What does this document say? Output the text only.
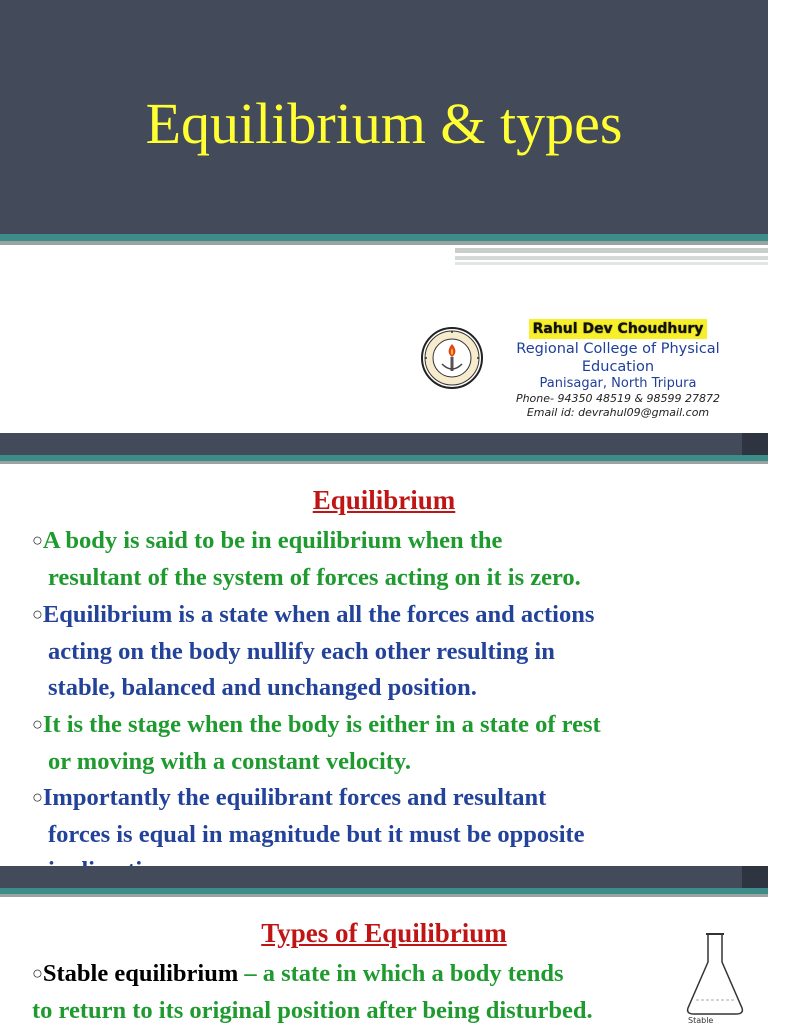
Equilibrium & types
Rahul Dev Choudhury
Regional College of Physical Education
Panisagar, North Tripura
Phone- 94350 48519 & 98599 27872
Email id: devrahul09@gmail.com
Equilibrium
○A body is said to be in equilibrium when the
resultant of the system of forces acting on it is zero.
○Equilibrium is a state when all the forces and actions
acting on the body nullify each other resulting in
stable, balanced and unchanged position.
○It is the stage when the body is either in a state of rest
or moving with a constant velocity.
○Importantly the equilibrant forces and resultant
forces is equal in magnitude but it must be opposite
Types of Equilibrium
○Stable equilibrium – a state in which a body tends
to return to its original position after being disturbed.	Stable
